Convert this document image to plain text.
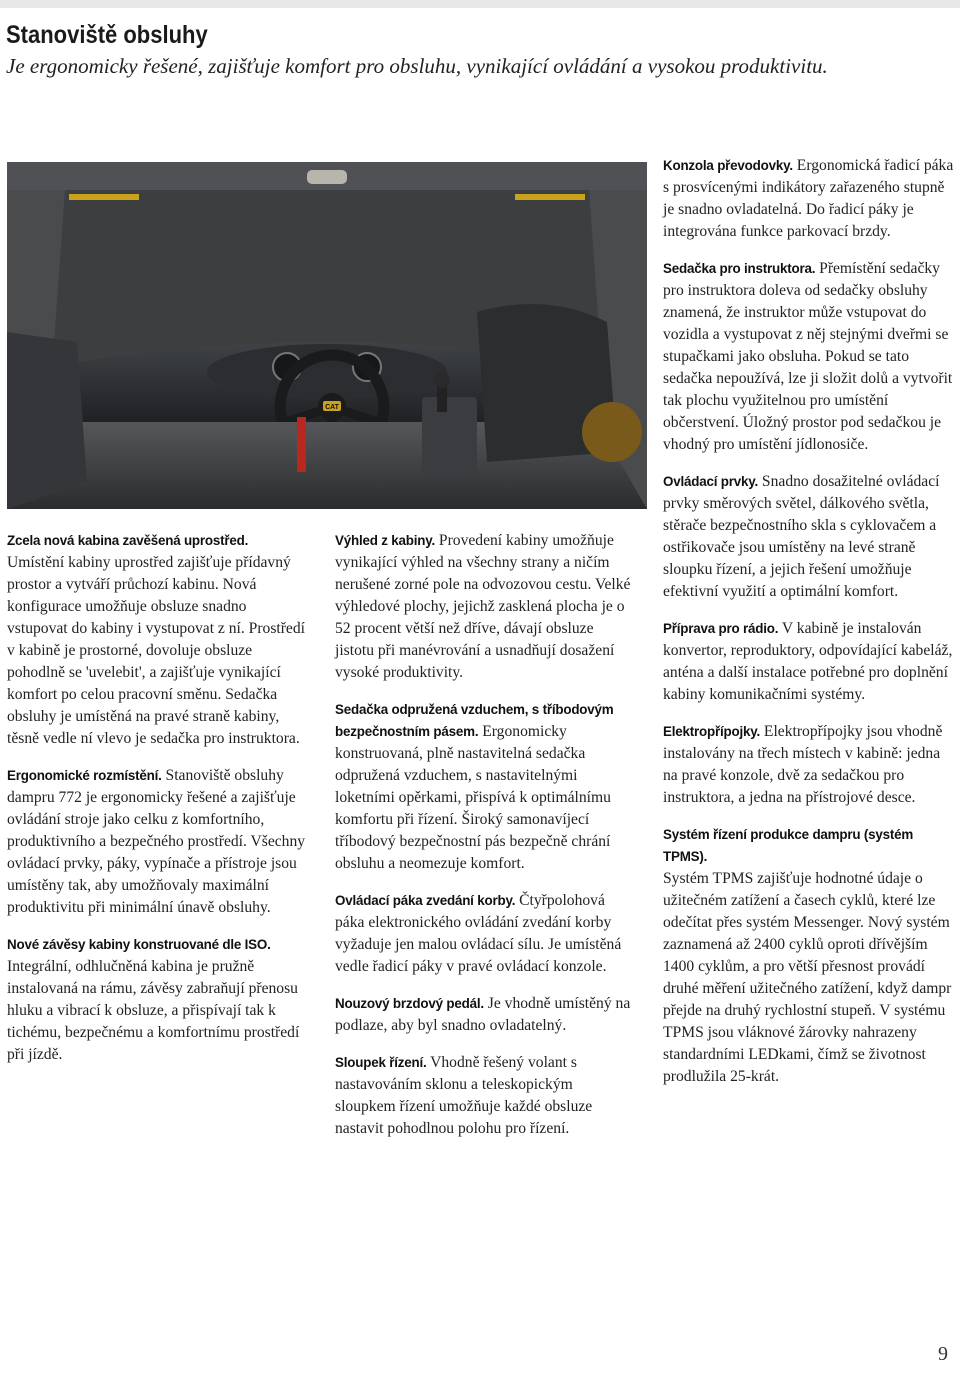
Stanoviště obsluhy

Je ergonomicky řešené, zajišťuje komfort pro obsluhu, vynikající ovládání a vysokou produktivitu.

CAT

Zcela nová kabina zavěšená uprostřed.
Umístění kabiny uprostřed zajišťuje přídavný prostor a vytváří průchozí kabinu. Nová konfigurace umožňuje obsluze snadno vstupovat do kabiny i vystupovat z ní. Prostředí v kabině je prostorné, dovoluje obsluze pohodlně se 'uvelebit', a zajišťuje vynikající komfort po celou pracovní směnu. Sedačka obsluhy je umístěná na pravé straně kabiny, těsně vedle ní vlevo je sedačka pro instruktora.

Ergonomické rozmístění. Stanoviště obsluhy dampru 772 je ergonomicky řešené a zajišťuje ovládání stroje jako celku z komfortního, produktivního a bezpečného prostředí. Všechny ovládací prvky, páky, vypínače a přístroje jsou umístěny tak, aby umožňovaly maximální produktivitu při minimální únavě obsluhy.

Nové závěsy kabiny konstruované dle ISO.
Integrální, odhlučněná kabina je pružně instalovaná na rámu, závěsy zabraňují přenosu hluku a vibrací k obsluze, a přispívají tak k tichému, bezpečnému a komfortnímu prostředí při jízdě.

Výhled z kabiny. Provedení kabiny umožňuje vynikající výhled na všechny strany a ničím nerušené zorné pole na odvozovou cestu. Velké výhledové plochy, jejichž zasklená plocha je o 52 procent větší než dříve, dávají obsluze jistotu při manévrování a usnadňují dosažení vysoké produktivity.

Sedačka odpružená vzduchem, s tříbodovým bezpečnostním pásem. Ergonomicky konstruovaná, plně nastavitelná sedačka odpružená vzduchem, s nastavitelnými loketními opěrkami, přispívá k optimálnímu komfortu při řízení. Široký samonavíjecí tříbodový bezpečnostní pás bezpečně chrání obsluhu a neomezuje komfort.

Ovládací páka zvedání korby. Čtyřpolohová páka elektronického ovládání zvedání korby vyžaduje jen malou ovládací sílu. Je umístěná vedle řadicí páky v pravé ovládací konzole.

Nouzový brzdový pedál. Je vhodně umístěný na podlaze, aby byl snadno ovladatelný.

Sloupek řízení. Vhodně řešený volant s nastavováním sklonu a teleskopickým sloupkem řízení umožňuje každé obsluze nastavit pohodlnou polohu pro řízení.

Konzola převodovky. Ergonomická řadicí páka s prosvícenými indikátory zařazeného stupně je snadno ovladatelná. Do řadicí páky je integrována funkce parkovací brzdy.

Sedačka pro instruktora. Přemístění sedačky pro instruktora doleva od sedačky obsluhy znamená, že instruktor může vstupovat do vozidla a vystupovat z něj stejnými dveřmi se stupačkami jako obsluha. Pokud se tato sedačka nepoužívá, lze ji složit dolů a vytvořit tak plochu využitelnou pro umístění občerstvení. Úložný prostor pod sedačkou je vhodný pro umístění jídlonosiče.

Ovládací prvky. Snadno dosažitelné ovládací prvky směrových světel, dálkového světla, stěrače bezpečnostního skla s cyklovačem a ostřikovače jsou umístěny na levé straně sloupku řízení, a jejich řešení umožňuje efektivní využití a optimální komfort.

Příprava pro rádio. V kabině je instalován konvertor, reproduktory, odpovídající kabeláž, anténa a další instalace potřebné pro doplnění kabiny komunikačními systémy.

Elektropřípojky. Elektropřípojky jsou vhodně instalovány na třech místech v kabině: jedna na pravé konzole, dvě za sedačkou pro instruktora, a jedna na přístrojové desce.

Systém řízení produkce dampru (systém TPMS).
Systém TPMS zajišťuje hodnotné údaje o užitečném zatížení a časech cyklů, které lze odečítat přes systém Messenger. Nový systém zaznamená až 2400 cyklů oproti dřívějším 1400 cyklům, a pro větší přesnost provádí druhé měření užitečného zatížení, když dampr přejde na druhý rychlostní stupeň. V systému TPMS jsou vláknové žárovky nahrazeny standardními LEDkami, čímž se životnost prodlužila 25-krát.

9
